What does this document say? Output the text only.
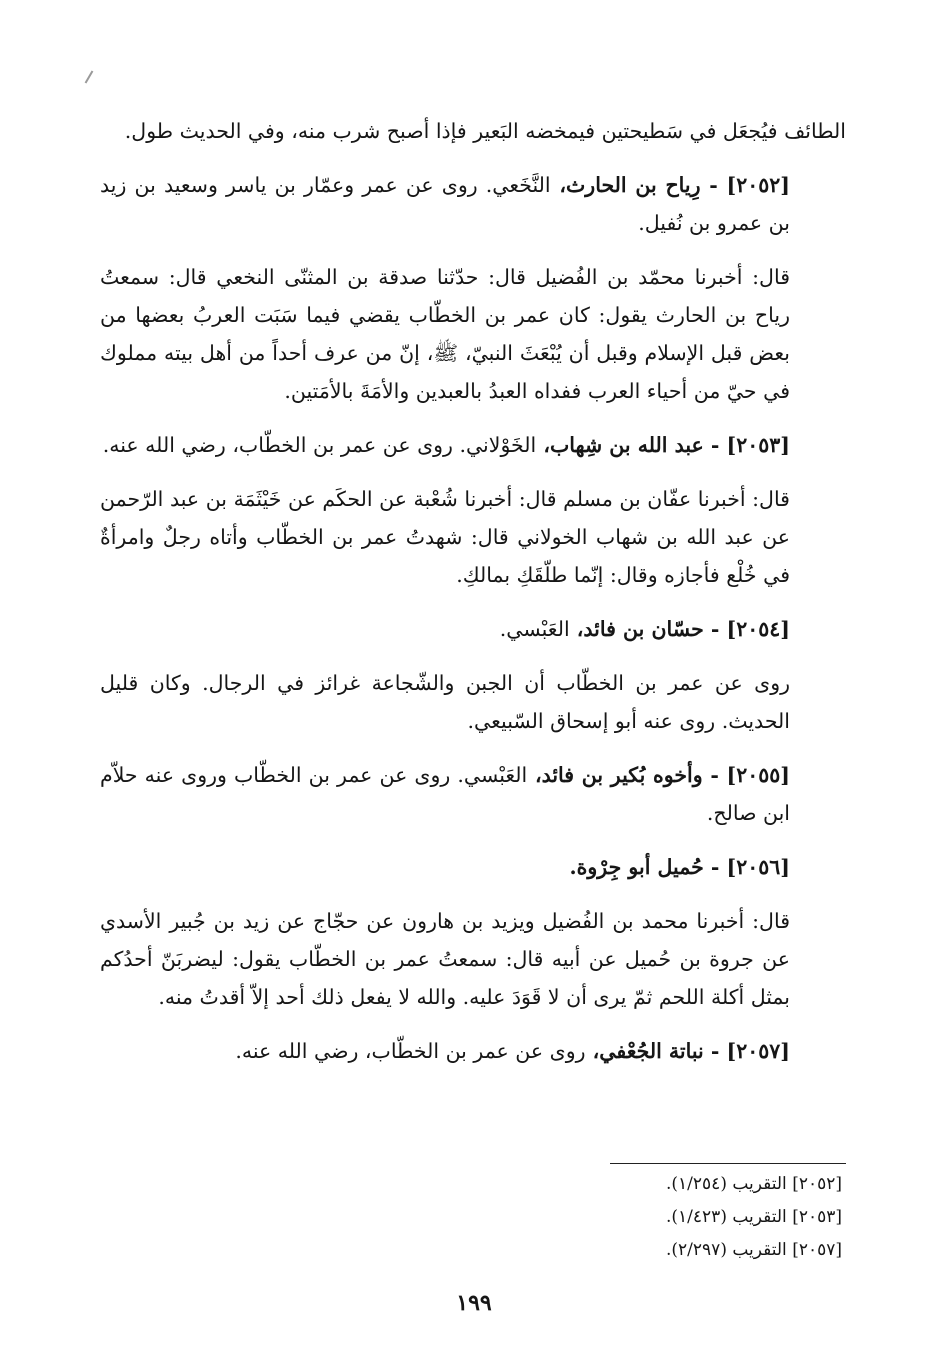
الطائف فيُجعَل في سَطيحتين فيمخضه البَعير فإذا أصبح شرب منه، وفي الحديث طول.

[٢٠٥٢] - رِياح بن الحارث، النَّخَعي. روى عن عمر وعمّار بن ياسر وسعيد بن زيد بن عمرو بن نُفيل.

قال: أخبرنا محمّد بن الفُضيل قال: حدّثنا صدقة بن المثنّى النخعي قال: سمعتُ رياح بن الحارث يقول: كان عمر بن الخطّاب يقضي فيما سَبَت العربُ بعضها من بعض قبل الإسلام وقبل أن يُبْعَثَ النبيّ، ﷺ، إنّ من عرف أحداً من أهل بيته مملوك في حيّ من أحياء العرب ففداه العبدُ بالعبدين والأمَةَ بالأمَتين.

[٢٠٥٣] - عبد الله بن شِهاب، الخَوْلاني. روى عن عمر بن الخطّاب، رضي الله عنه.

قال: أخبرنا عفّان بن مسلم قال: أخبرنا شُعْبة عن الحكَم عن خَيْثَمَة بن عبد الرّحمن عن عبد الله بن شهاب الخولاني قال: شهدتُ عمر بن الخطّاب وأتاه رجلٌ وامرأةٌ في خُلْع فأجازه وقال: إنّما طلّقَكِ بمالكِ.

[٢٠٥٤] - حسّان بن فائد، العَبْسي.

روى عن عمر بن الخطّاب أن الجبن والشّجاعة غرائز في الرجال. وكان قليل الحديث. روى عنه أبو إسحاق السّبيعي.

[٢٠٥٥] - وأخوه بُكير بن فائد، العَبْسي. روى عن عمر بن الخطّاب وروى عنه حلاّم ابن صالح.

[٢٠٥٦] - حُميل أبو جِرْوة.

قال: أخبرنا محمد بن الفُضيل ويزيد بن هارون عن حجّاج عن زيد بن جُبير الأسدي عن جروة بن حُميل عن أبيه قال: سمعتُ عمر بن الخطّاب يقول: ليضربَنّ أحدُكم بمثل أكلة اللحم ثمّ يرى أن لا قَوَدَ عليه. والله لا يفعل ذلك أحد إلاّ أقدتُ منه.

[٢٠٥٧] - نباتة الجُعْفي، روى عن عمر بن الخطّاب، رضي الله عنه.

[٢٠٥٢] التقريب (١/٢٥٤).
[٢٠٥٣] التقريب (١/٤٢٣).
[٢٠٥٧] التقريب (٢/٢٩٧).
١٩٩
